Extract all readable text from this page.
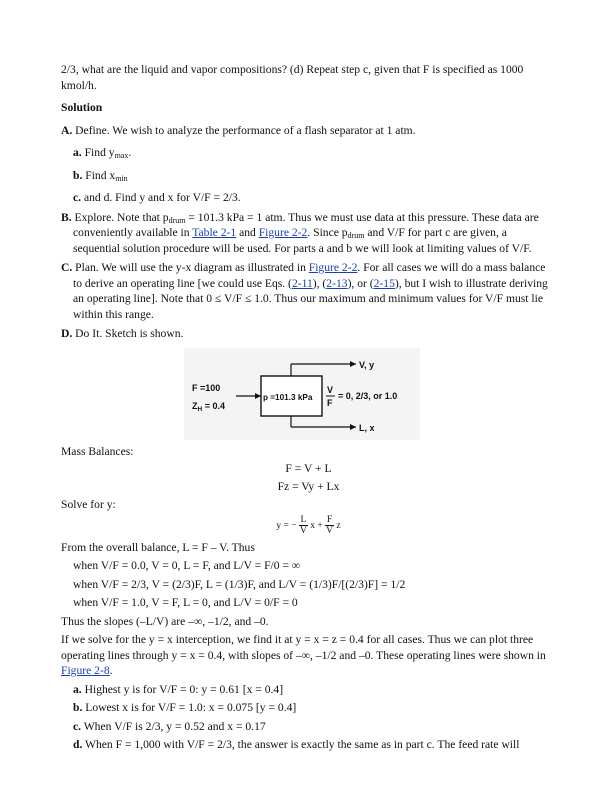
2/3, what are the liquid and vapor compositions? (d) Repeat step c, given that F is specified as 1000 kmol/h.

Solution

A. Define. We wish to analyze the performance of a flash separator at 1 atm.

a. Find $y_{max}$.

b. Find $x_{min}$

c. and d. Find y and x for V/F = 2/3.

B. Explore. Note that $p_{drum} = 101.3$ kPa = 1 atm. Thus we must use data at this pressure. These data are conveniently available in Table 2-1 and Figure 2-2. Since $p_{drum}$ and V/F for part c are given, a sequential solution procedure will be used. For parts a and b we will look at limiting values of V/F.

C. Plan. We will use the y-x diagram as illustrated in Figure 2-2. For all cases we will do a mass balance to derive an operating line [we could use Eqs. (2-11), (2-13), or (2-15), but I wish to illustrate deriving an operating line]. Note that 0 ≤ V/F ≤ 1.0. Thus our maximum and minimum values for V/F must lie within this range.

D. Do It. Sketch is shown.

p =101.3 kPa
F =100
$Z_H = 0.4$
V, y
L, x
V
F
= 0, 2/3, or 1.0

Mass Balances:

F = V + L

Fz = Vy + Lx

Solve for y:

y = − $\frac{L}{V}$ $x + \frac{F}{V}$ z

From the overall balance, L = F – V. Thus

when V/F = 0.0, V = 0, L = F, and L/V = F/0 = ∞

when V/F = 2/3, V = (2/3)F, L = (1/3)F, and L/V = (1/3)F/[(2/3)F] = 1/2

when V/F = 1.0, V = F, L = 0, and L/V = 0/F = 0

Thus the slopes (–L/V) are –∞, –1/2, and –0.

If we solve for the y = x interception, we find it at y = x = z = 0.4 for all cases. Thus we can plot three operating lines through y = x = 0.4, with slopes of –∞, –1/2 and –0. These operating lines were shown in Figure 2-8.

a. Highest y is for V/F = 0: y = 0.61 [x = 0.4]

b. Lowest x is for V/F = 1.0: x = 0.075 [y = 0.4]

c. When V/F is 2/3, y = 0.52 and x = 0.17

d. When F = 1,000 with V/F = 2/3, the answer is exactly the same as in part c. The feed rate will
